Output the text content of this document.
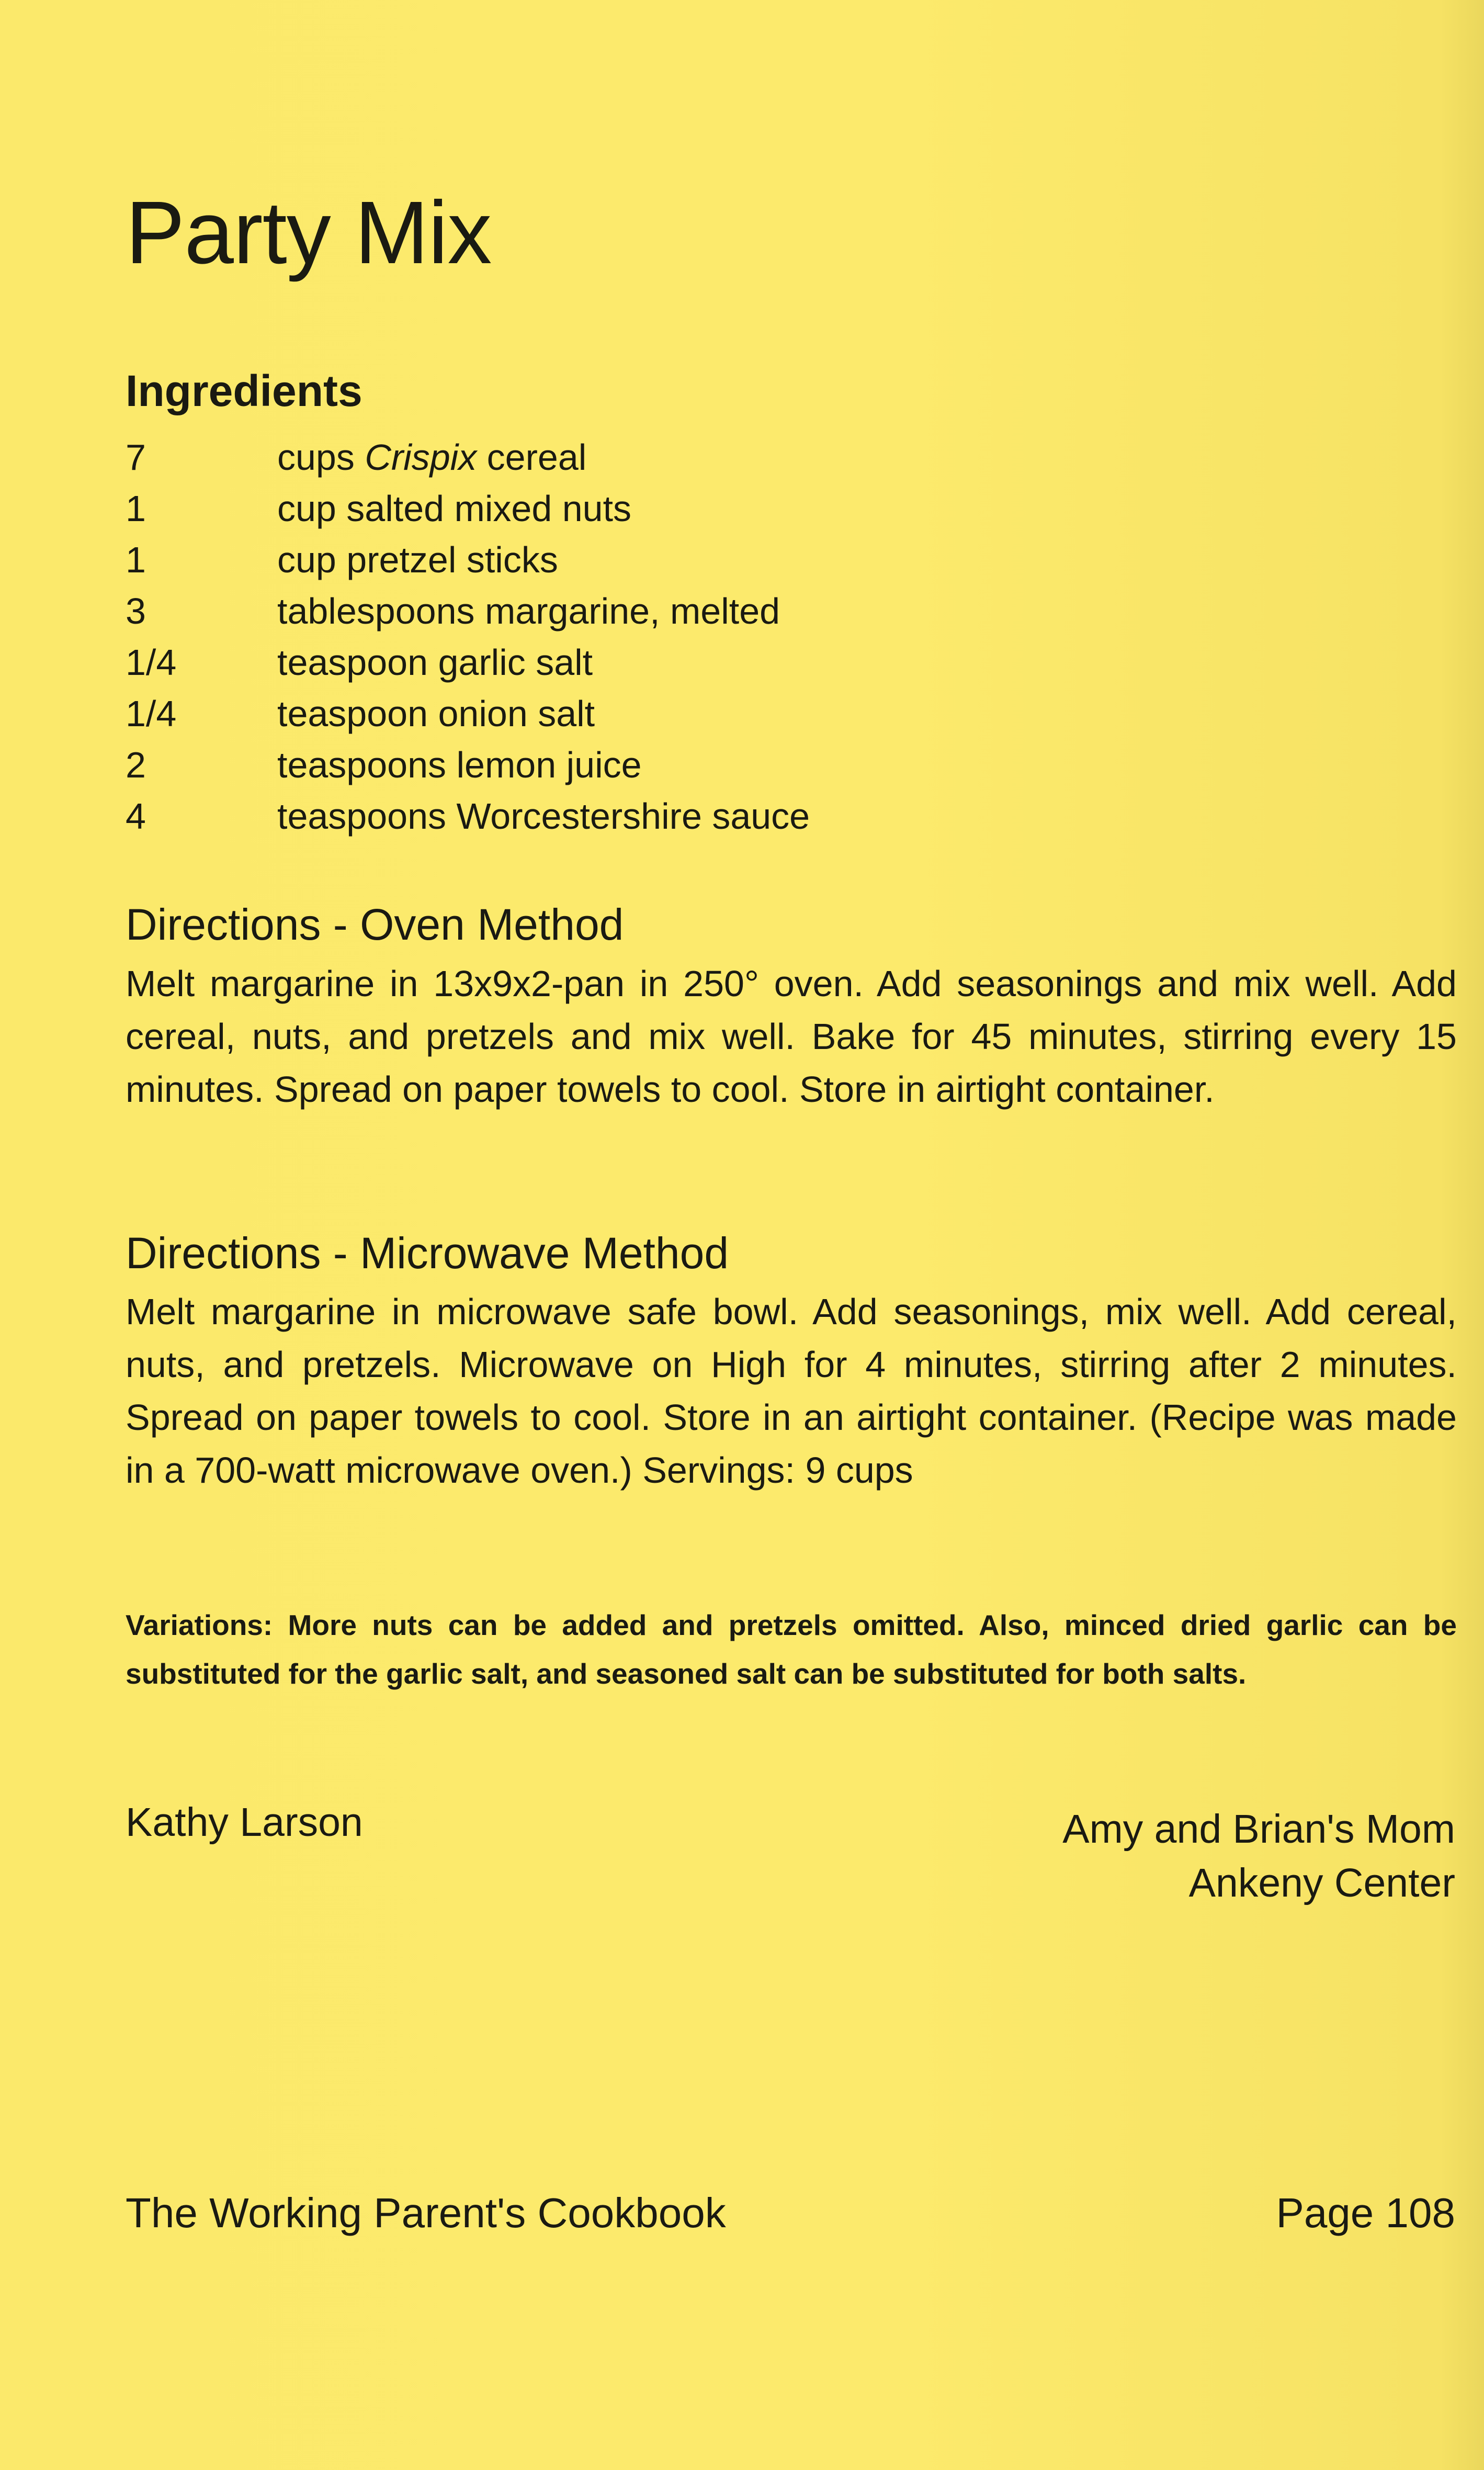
Party Mix
Ingredients
7	cups Crispix cereal
1	cup salted mixed nuts
1	cup pretzel sticks
3	tablespoons margarine, melted
1/4	teaspoon garlic salt
1/4	teaspoon onion salt
2	teaspoons lemon juice
4	teaspoons Worcestershire sauce
Directions - Oven Method

Melt margarine in 13x9x2-pan in 250° oven. Add seasonings and mix well. Add cereal, nuts, and pretzels and mix well. Bake for 45 minutes, stirring every 15 minutes. Spread on paper towels to cool. Store in airtight container.

Directions - Microwave Method

Melt margarine in microwave safe bowl. Add seasonings, mix well. Add cereal, nuts, and pretzels. Microwave on High for 4 minutes, stirring after 2 minutes. Spread on paper towels to cool. Store in an airtight container. (Recipe was made in a 700-watt microwave oven.) Servings: 9 cups

Variations: More nuts can be added and pretzels omitted. Also, minced dried garlic can be substituted for the garlic salt, and seasoned salt can be substituted for both salts.

Kathy Larson	Amy and Brian's Mom
Ankeny Center

The Working Parent's Cookbook	Page 108
